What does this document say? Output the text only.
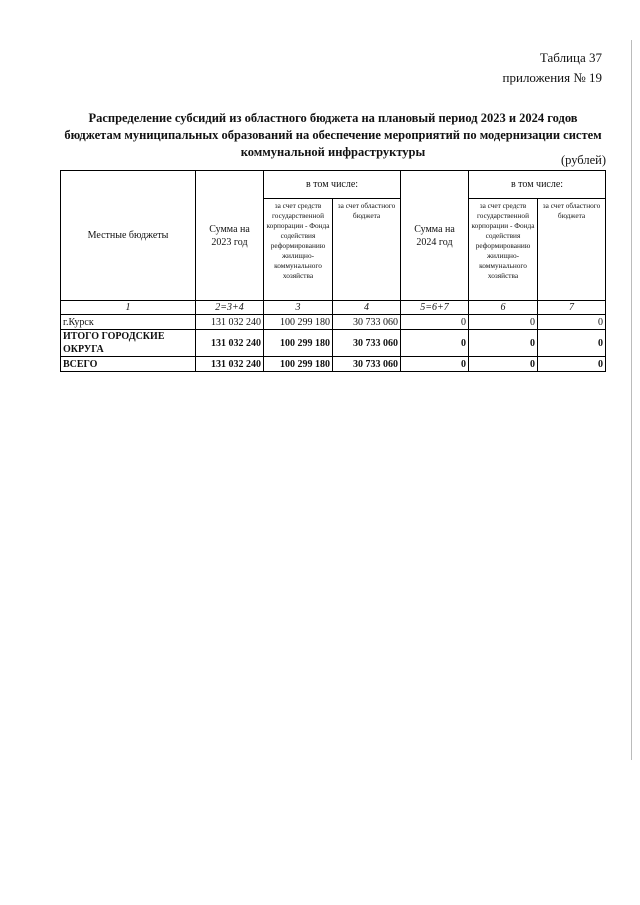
Таблица 37
приложения № 19
Распределение субсидий из областного бюджета на плановый период 2023 и 2024 годов бюджетам муниципальных образований на обеспечение мероприятий по модернизации систем коммунальной инфраструктуры
(рублей)
Местные бюджеты	Сумма на 2023 год	в том числе:		Сумма на 2024 год	в том числе:	
		за счет средств государственной корпорации - Фонда содействия реформированию жилищно-коммунального хозяйства	за счет областного бюджета		за счет средств государственной корпорации - Фонда содействия реформированию жилищно-коммунального хозяйства	за счет областного бюджета
1	2=3+4	3	4	5=6+7	6	7
г.Курск	131 032 240	100 299 180	30 733 060	0	0	0
ИТОГО ГОРОДСКИЕ ОКРУГА	131 032 240	100 299 180	30 733 060	0	0	0
ВСЕГО	131 032 240	100 299 180	30 733 060	0	0	0
